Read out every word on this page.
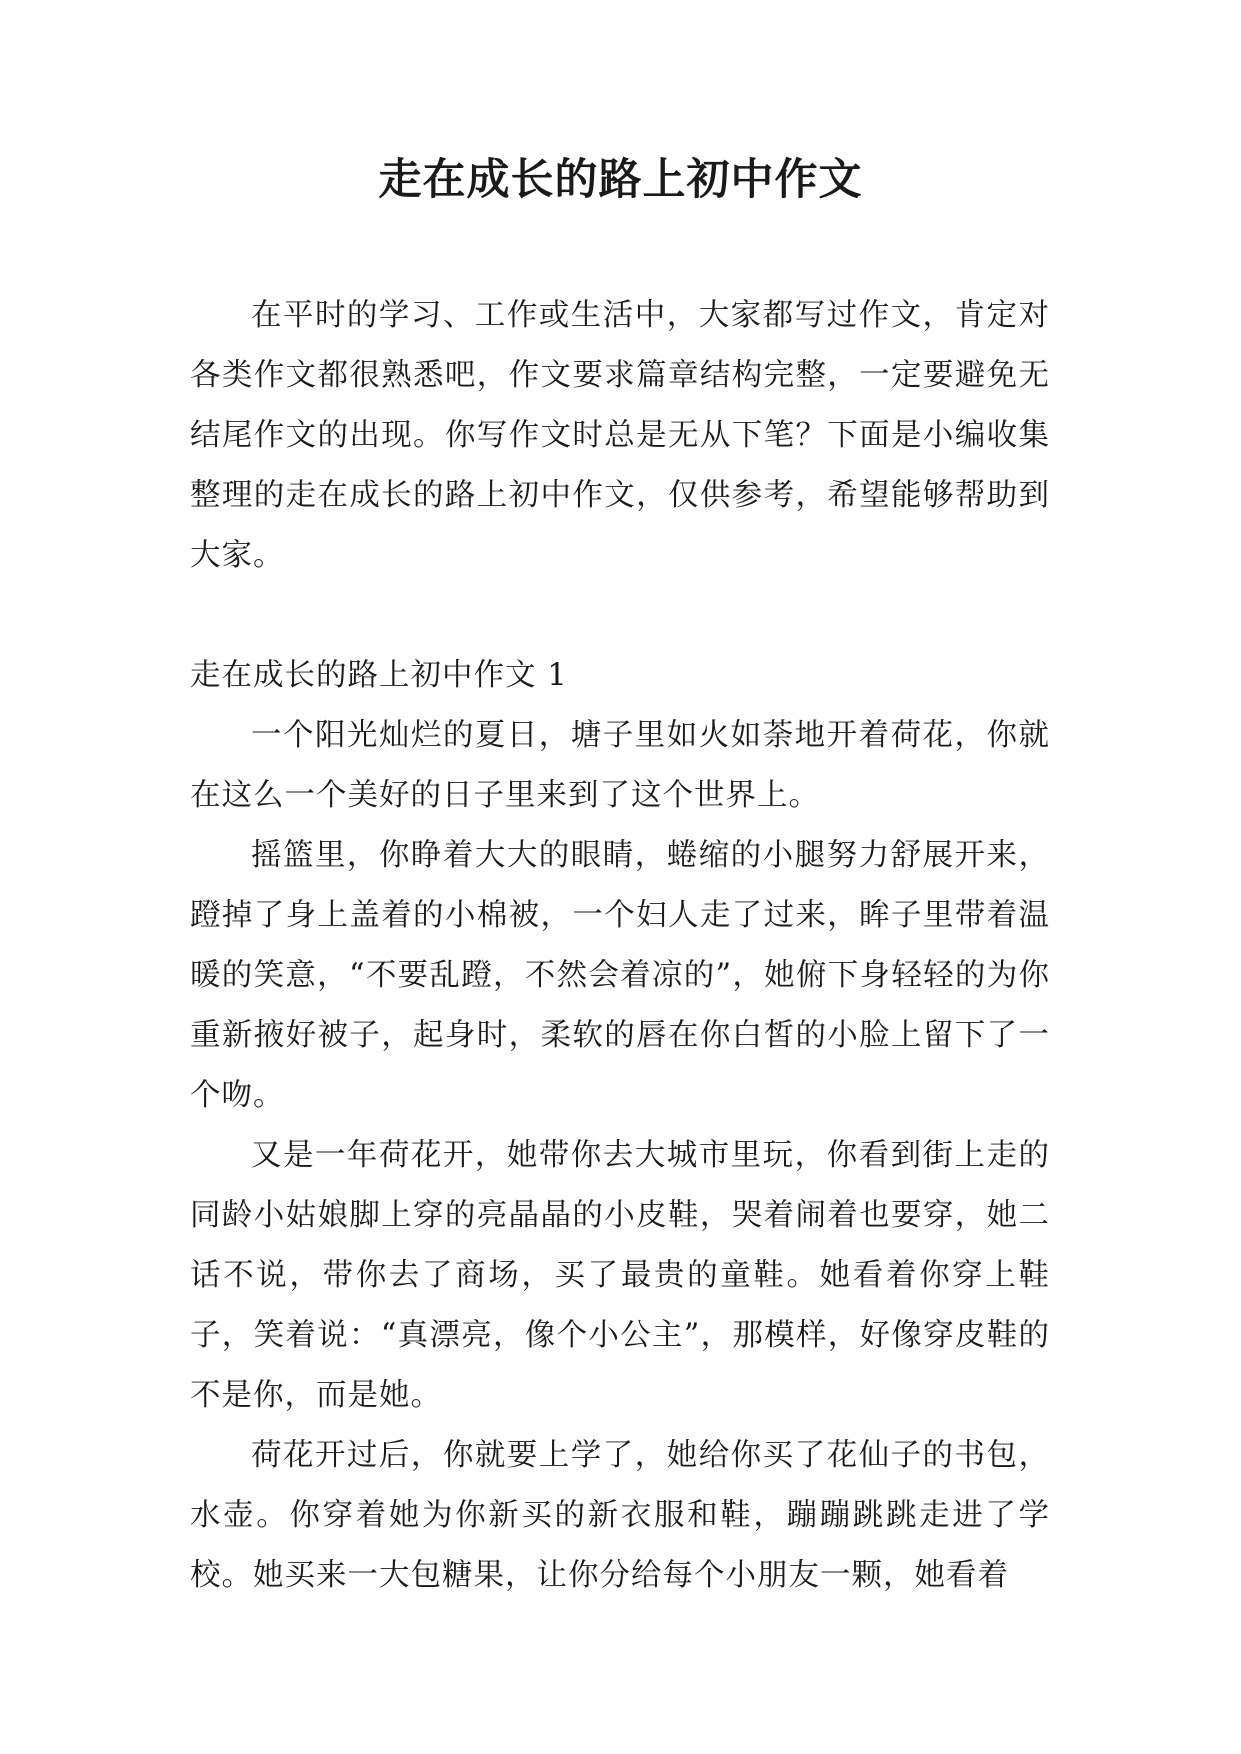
走在成长的路上初中作文

在平时的学习、工作或生活中，大家都写过作文，肯定对各类作文都很熟悉吧，作文要求篇章结构完整，一定要避免无结尾作文的出现。你写作文时总是无从下笔？下面是小编收集整理的走在成长的路上初中作文，仅供参考，希望能够帮助到大家。

走在成长的路上初中作文 1

一个阳光灿烂的夏日，塘子里如火如荼地开着荷花，你就在这么一个美好的日子里来到了这个世界上。

摇篮里，你睁着大大的眼睛，蜷缩的小腿努力舒展开来，蹬掉了身上盖着的小棉被，一个妇人走了过来，眸子里带着温暖的笑意，“不要乱蹬，不然会着凉的”，她俯下身轻轻的为你重新掖好被子，起身时，柔软的唇在你白皙的小脸上留下了一个吻。

又是一年荷花开，她带你去大城市里玩，你看到街上走的同龄小姑娘脚上穿的亮晶晶的小皮鞋，哭着闹着也要穿，她二话不说，带你去了商场，买了最贵的童鞋。她看着你穿上鞋子，笑着说：“真漂亮，像个小公主”，那模样，好像穿皮鞋的不是你，而是她。

荷花开过后，你就要上学了，她给你买了花仙子的书包，水壶。你穿着她为你新买的新衣服和鞋，蹦蹦跳跳走进了学校。她买来一大包糖果，让你分给每个小朋友一颗，她看着
